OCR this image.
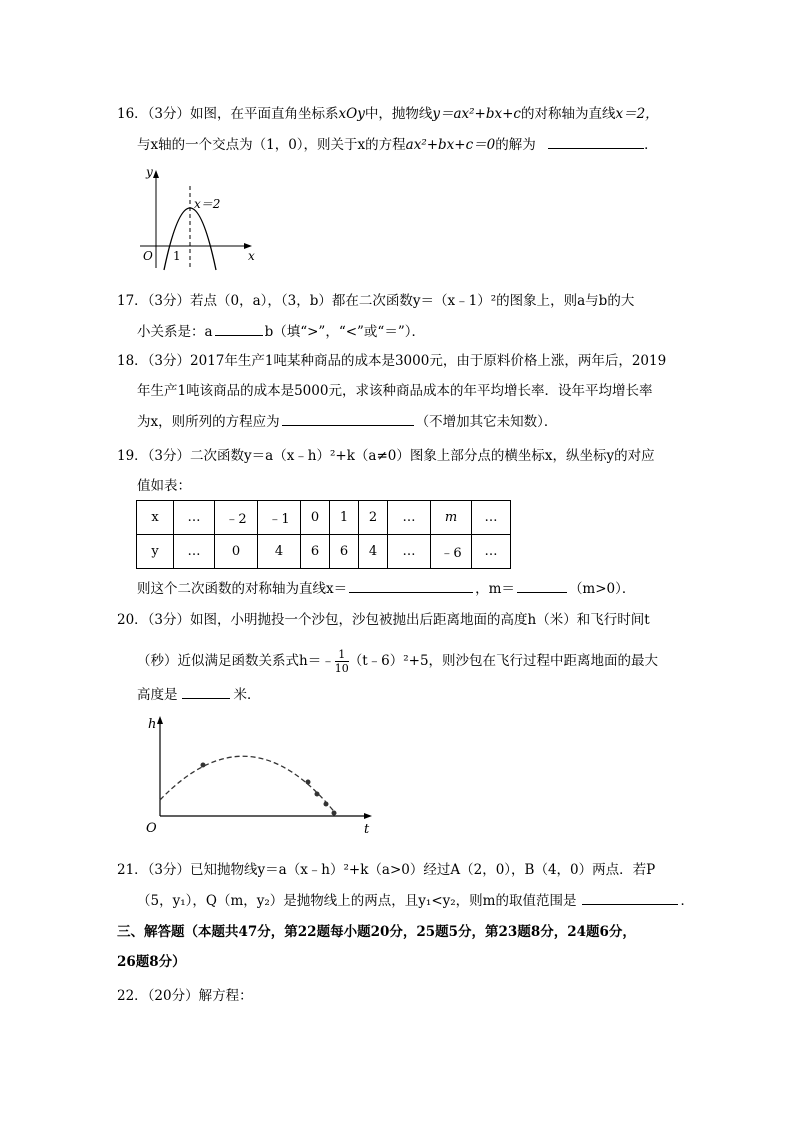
16．（3分）如图，在平面直角坐标系xOy中，抛物线y＝ax²+bx+c的对称轴为直线x＝2，
与x轴的一个交点为（1，0），则关于x的方程ax²+bx+c＝0的解为	．
y
x
O 1
x＝2
17．（3分）若点（0，a），（3，b）都在二次函数y＝（x﹣1）²的图象上，则a与b的大
小关系是：a	b（填“>”，“<”或“＝”）．
18．（3分）2017年生产1吨某种商品的成本是3000元，由于原料价格上涨，两年后，2019
年生产1吨该商品的成本是5000元，求该种商品成本的年平均增长率．设年平均增长率
为x，则所列的方程应为	（不增加其它未知数）．
19．（3分）二次函数y＝a（x﹣h）²+k（a≠0）图象上部分点的横坐标x，纵坐标y的对应
值如表：
x	…	﹣2	﹣1	0	1	2	…	m	…
y	…	0	4	6	6	4	…	﹣6	…
则这个二次函数的对称轴为直线x＝	，m＝	（m>0）．
20．（3分）如图，小明抛投一个沙包，沙包被抛出后距离地面的高度h（米）和飞行时间t
（秒）近似满足函数关系式h＝﹣ $\frac{1}{10}$ （t﹣6）²+5，则沙包在飞行过程中距离地面的最大
高度是	米．
h
t
O
21．（3分）已知抛物线y＝a（x﹣h）²+k（a>0）经过A（2，0），B（4，0）两点．若P
（5，y₁），Q（m，y₂）是抛物线上的两点，且y₁<y₂，则m的取值范围是	．
三、解答题（本题共47分，第22题每小题20分，25题5分，第23题8分，24题6分，
26题8分）
22．（20分）解方程：
